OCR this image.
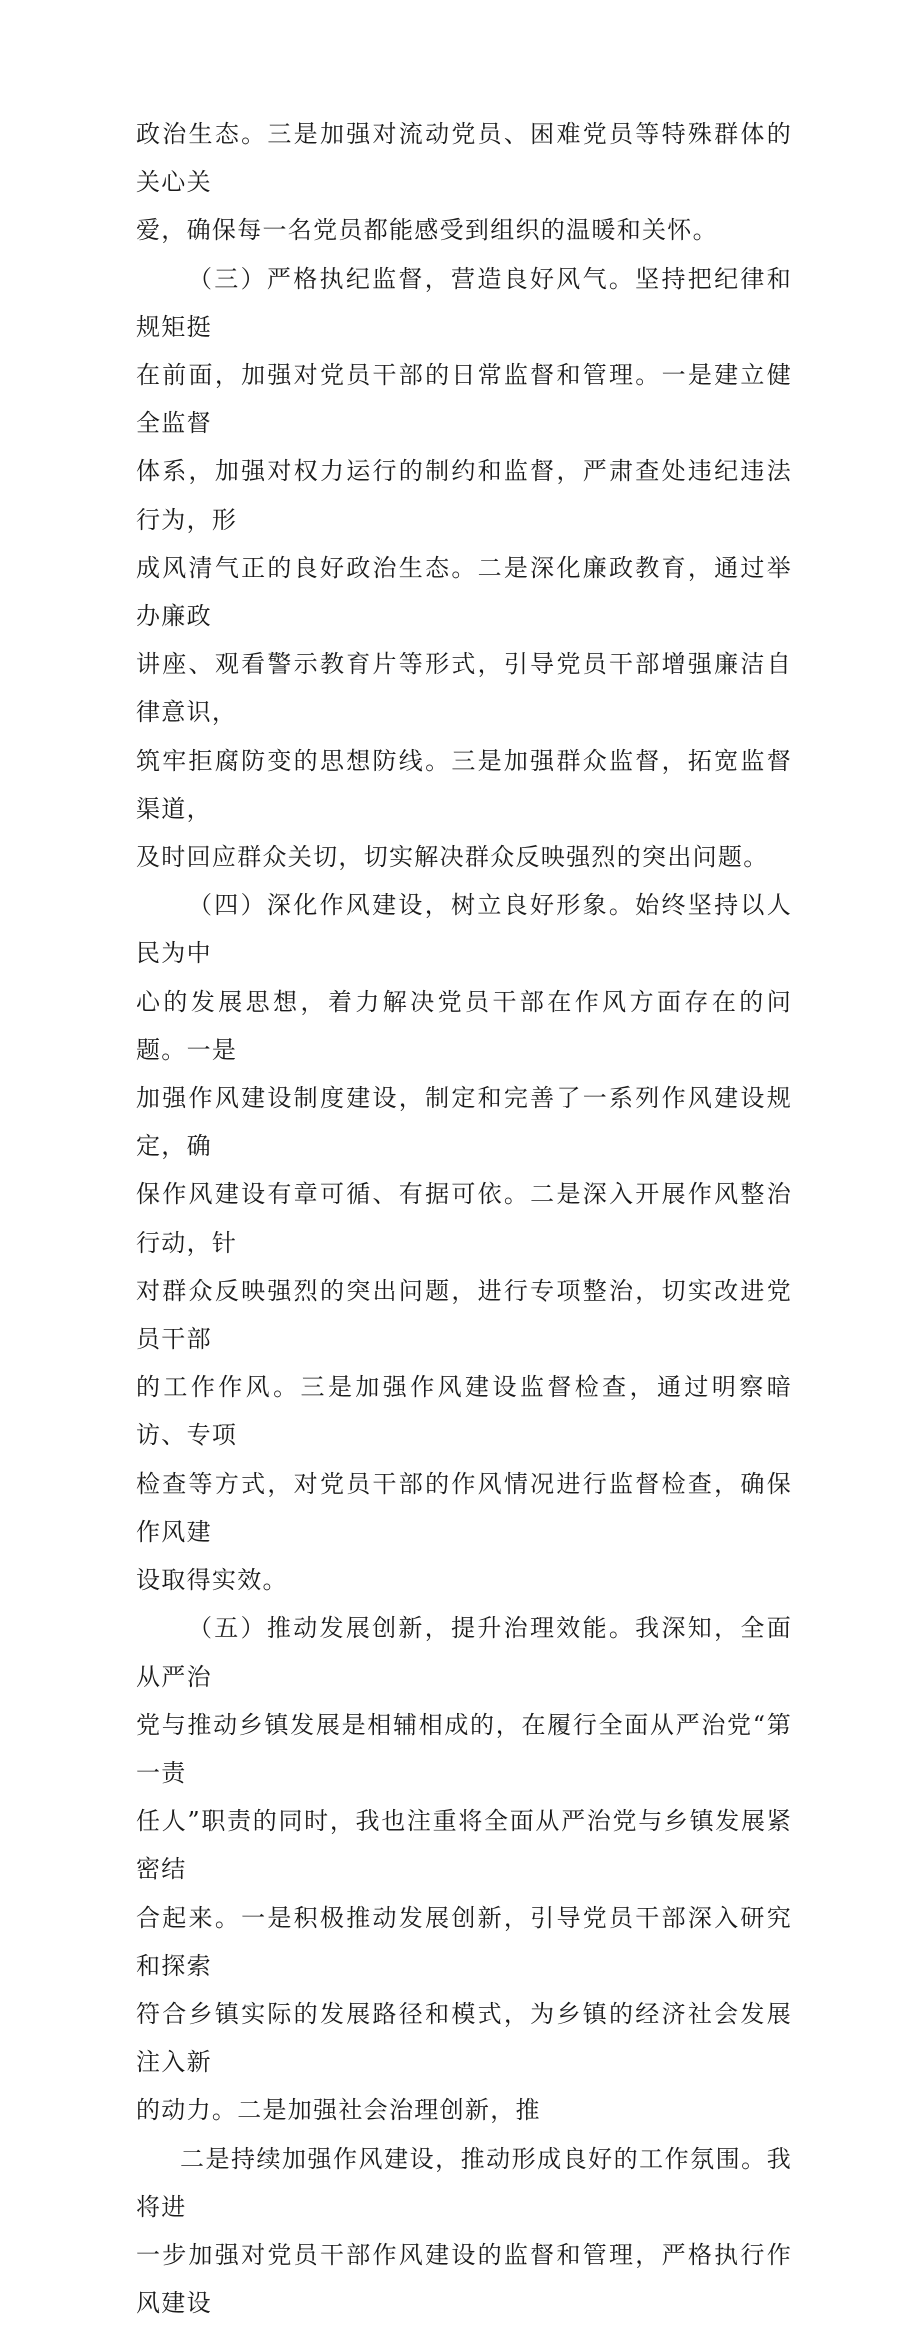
政治生态。三是加强对流动党员、困难党员等特殊群体的关心关
爱，确保每一名党员都能感受到组织的温暖和关怀。

（三）严格执纪监督，营造良好风气。坚持把纪律和规矩挺
在前面，加强对党员干部的日常监督和管理。一是建立健全监督
体系，加强对权力运行的制约和监督，严肃查处违纪违法行为，形
成风清气正的良好政治生态。二是深化廉政教育，通过举办廉政
讲座、观看警示教育片等形式，引导党员干部增强廉洁自律意识，
筑牢拒腐防变的思想防线。三是加强群众监督，拓宽监督渠道，
及时回应群众关切，切实解决群众反映强烈的突出问题。

（四）深化作风建设，树立良好形象。始终坚持以人民为中
心的发展思想，着力解决党员干部在作风方面存在的问题。一是
加强作风建设制度建设，制定和完善了一系列作风建设规定，确
保作风建设有章可循、有据可依。二是深入开展作风整治行动，针
对群众反映强烈的突出问题，进行专项整治，切实改进党员干部
的工作作风。三是加强作风建设监督检查，通过明察暗访、专项
检查等方式，对党员干部的作风情况进行监督检查，确保作风建
设取得实效。

（五）推动发展创新，提升治理效能。我深知，全面从严治
党与推动乡镇发展是相辅相成的，在履行全面从严治党“第一责
任人”职责的同时，我也注重将全面从严治党与乡镇发展紧密结
合起来。一是积极推动发展创新，引导党员干部深入研究和探索
符合乡镇实际的发展路径和模式，为乡镇的经济社会发展注入新
的动力。二是加强社会治理创新，推

二是持续加强作风建设，推动形成良好的工作氛围。我将进
一步加强对党员干部作风建设的监督和管理，严格执行作风建设
